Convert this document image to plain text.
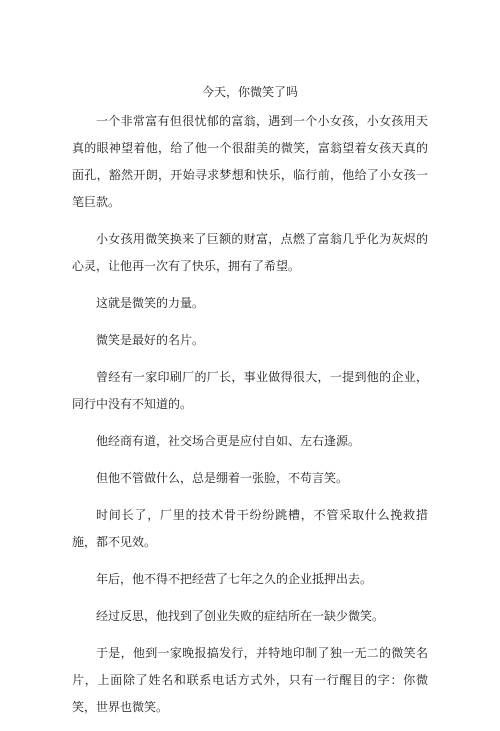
今天，你微笑了吗

一个非常富有但很忧郁的富翁，遇到一个小女孩，小女孩用天真的眼神望着他，给了他一个很甜美的微笑，富翁望着女孩天真的面孔，豁然开朗，开始寻求梦想和快乐，临行前，他给了小女孩一笔巨款。

小女孩用微笑换来了巨额的财富，点燃了富翁几乎化为灰烬的心灵，让他再一次有了快乐，拥有了希望。

这就是微笑的力量。

微笑是最好的名片。

曾经有一家印刷厂的厂长，事业做得很大，一提到他的企业，同行中没有不知道的。

他经商有道，社交场合更是应付自如、左右逢源。

但他不管做什么，总是绷着一张脸，不苟言笑。

时间长了，厂里的技术骨干纷纷跳槽，不管采取什么挽救措施，都不见效。

年后，他不得不把经营了七年之久的企业抵押出去。

经过反思，他找到了创业失败的症结所在一缺少微笑。

于是，他到一家晚报搞发行，并特地印制了独一无二的微笑名片，上面除了姓名和联系电话方式外，只有一行醒目的字：你微笑，世界也微笑。
